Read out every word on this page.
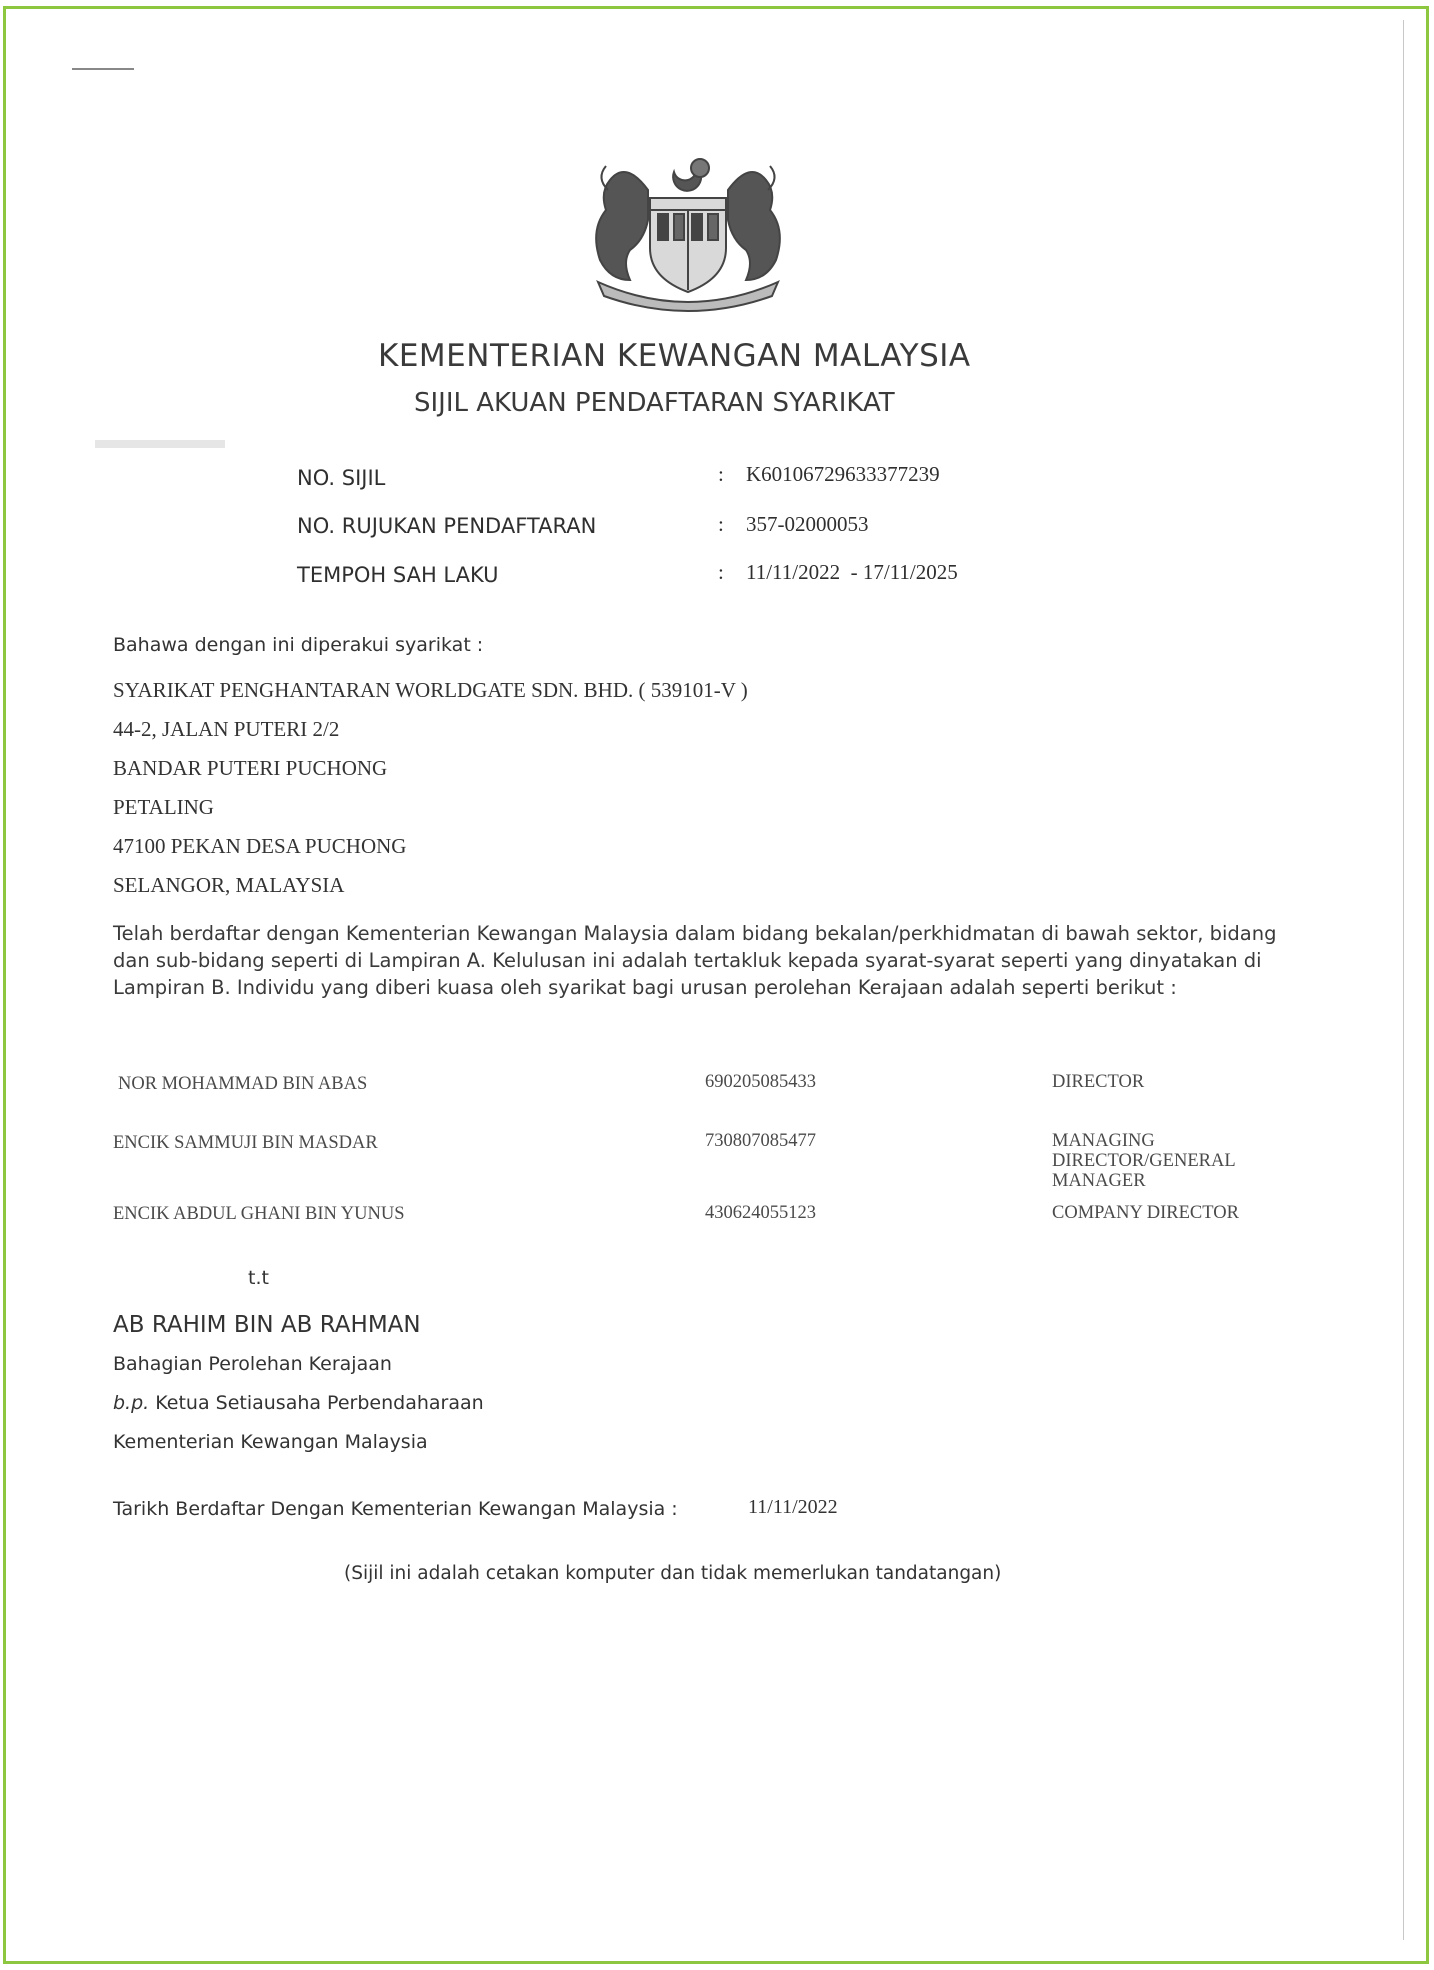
KEMENTERIAN KEWANGAN MALAYSIA
SIJIL AKUAN PENDAFTARAN SYARIKAT
NO. SIJIL	: K60106729633377239
NO. RUJUKAN PENDAFTARAN	: 357-02000053
TEMPOH SAH LAKU	: 11/11/2022  - 17/11/2025
Bahawa dengan ini diperakui syarikat :
SYARIKAT PENGHANTARAN WORLDGATE SDN. BHD. ( 539101-V )
44-2, JALAN PUTERI 2/2
BANDAR PUTERI PUCHONG
PETALING
47100 PEKAN DESA PUCHONG
SELANGOR, MALAYSIA
Telah berdaftar dengan Kementerian Kewangan Malaysia dalam bidang bekalan/perkhidmatan di bawah sektor, bidang dan sub-bidang seperti di Lampiran A. Kelulusan ini adalah tertakluk kepada syarat-syarat seperti yang dinyatakan di Lampiran B. Individu yang diberi kuasa oleh syarikat bagi urusan perolehan Kerajaan adalah seperti berikut :
NOR MOHAMMAD BIN ABAS	690205085433	DIRECTOR
ENCIK SAMMUJI BIN MASDAR	730807085477	MANAGING DIRECTOR/GENERAL MANAGER
ENCIK ABDUL GHANI BIN YUNUS	430624055123	COMPANY DIRECTOR
t.t
AB RAHIM BIN AB RAHMAN
Bahagian Perolehan Kerajaan
b.p. Ketua Setiausaha Perbendaharaan
Kementerian Kewangan Malaysia
Tarikh Berdaftar Dengan Kementerian Kewangan Malaysia :	11/11/2022
(Sijil ini adalah cetakan komputer dan tidak memerlukan tandatangan)
